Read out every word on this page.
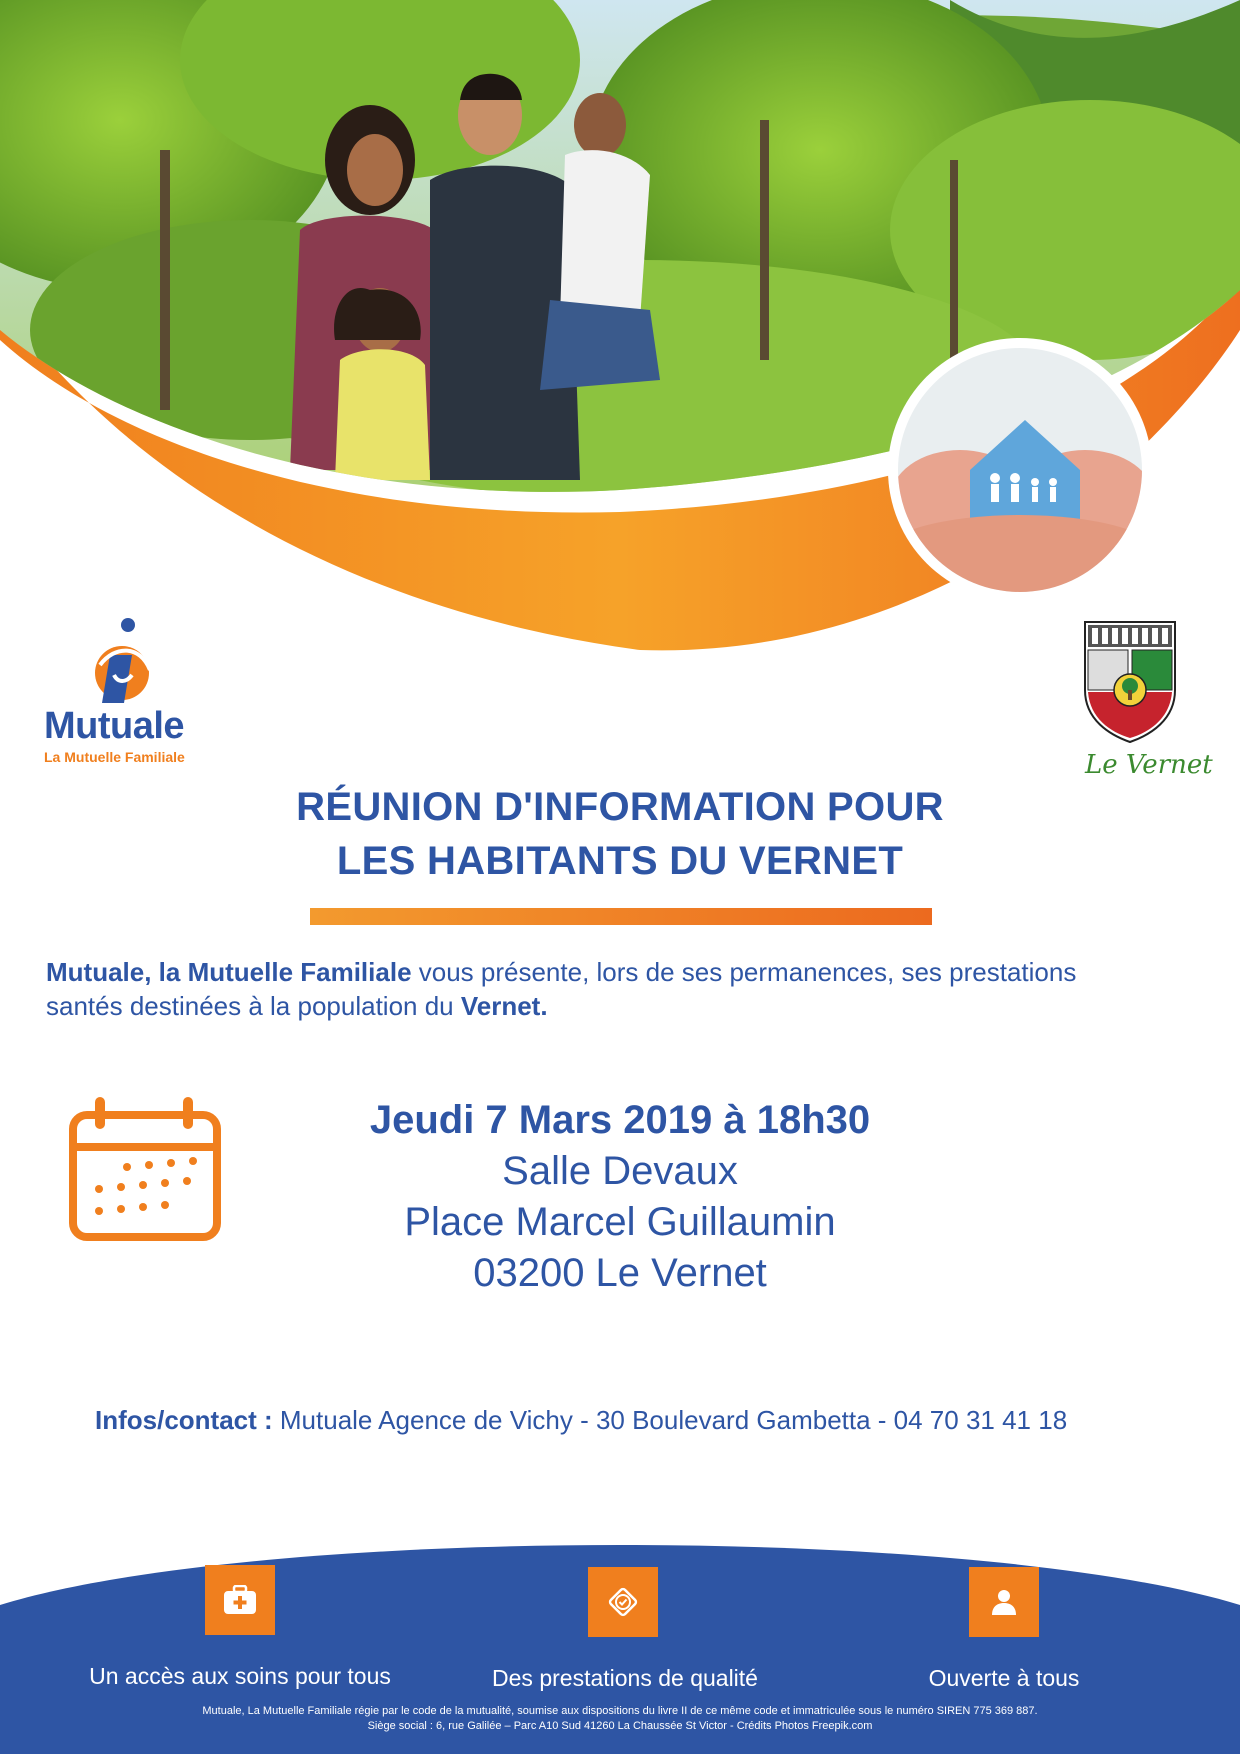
Mutuale
La Mutuelle Familiale	Le Vernet
RÉUNION D'INFORMATION POUR
LES HABITANTS DU VERNET
Mutuale, la Mutuelle Familiale vous présente, lors de ses permanences, ses prestations
santés destinées à la population du Vernet.
Jeudi 7 Mars 2019 à 18h30
Salle Devaux
Place Marcel Guillaumin
03200 Le Vernet
Infos/contact : Mutuale Agence de Vichy - 30 Boulevard Gambetta - 04 70 31 41 18
Un accès aux soins pour tous	Des prestations de qualité	Ouverte à tous
Mutuale, La Mutuelle Familiale régie par le code de la mutualité, soumise aux dispositions du livre II de ce même code et immatriculée sous le numéro SIREN 775 369 887.
Siège social : 6, rue Galilée – Parc A10 Sud 41260 La Chaussée St Victor - Crédits Photos Freepik.com
